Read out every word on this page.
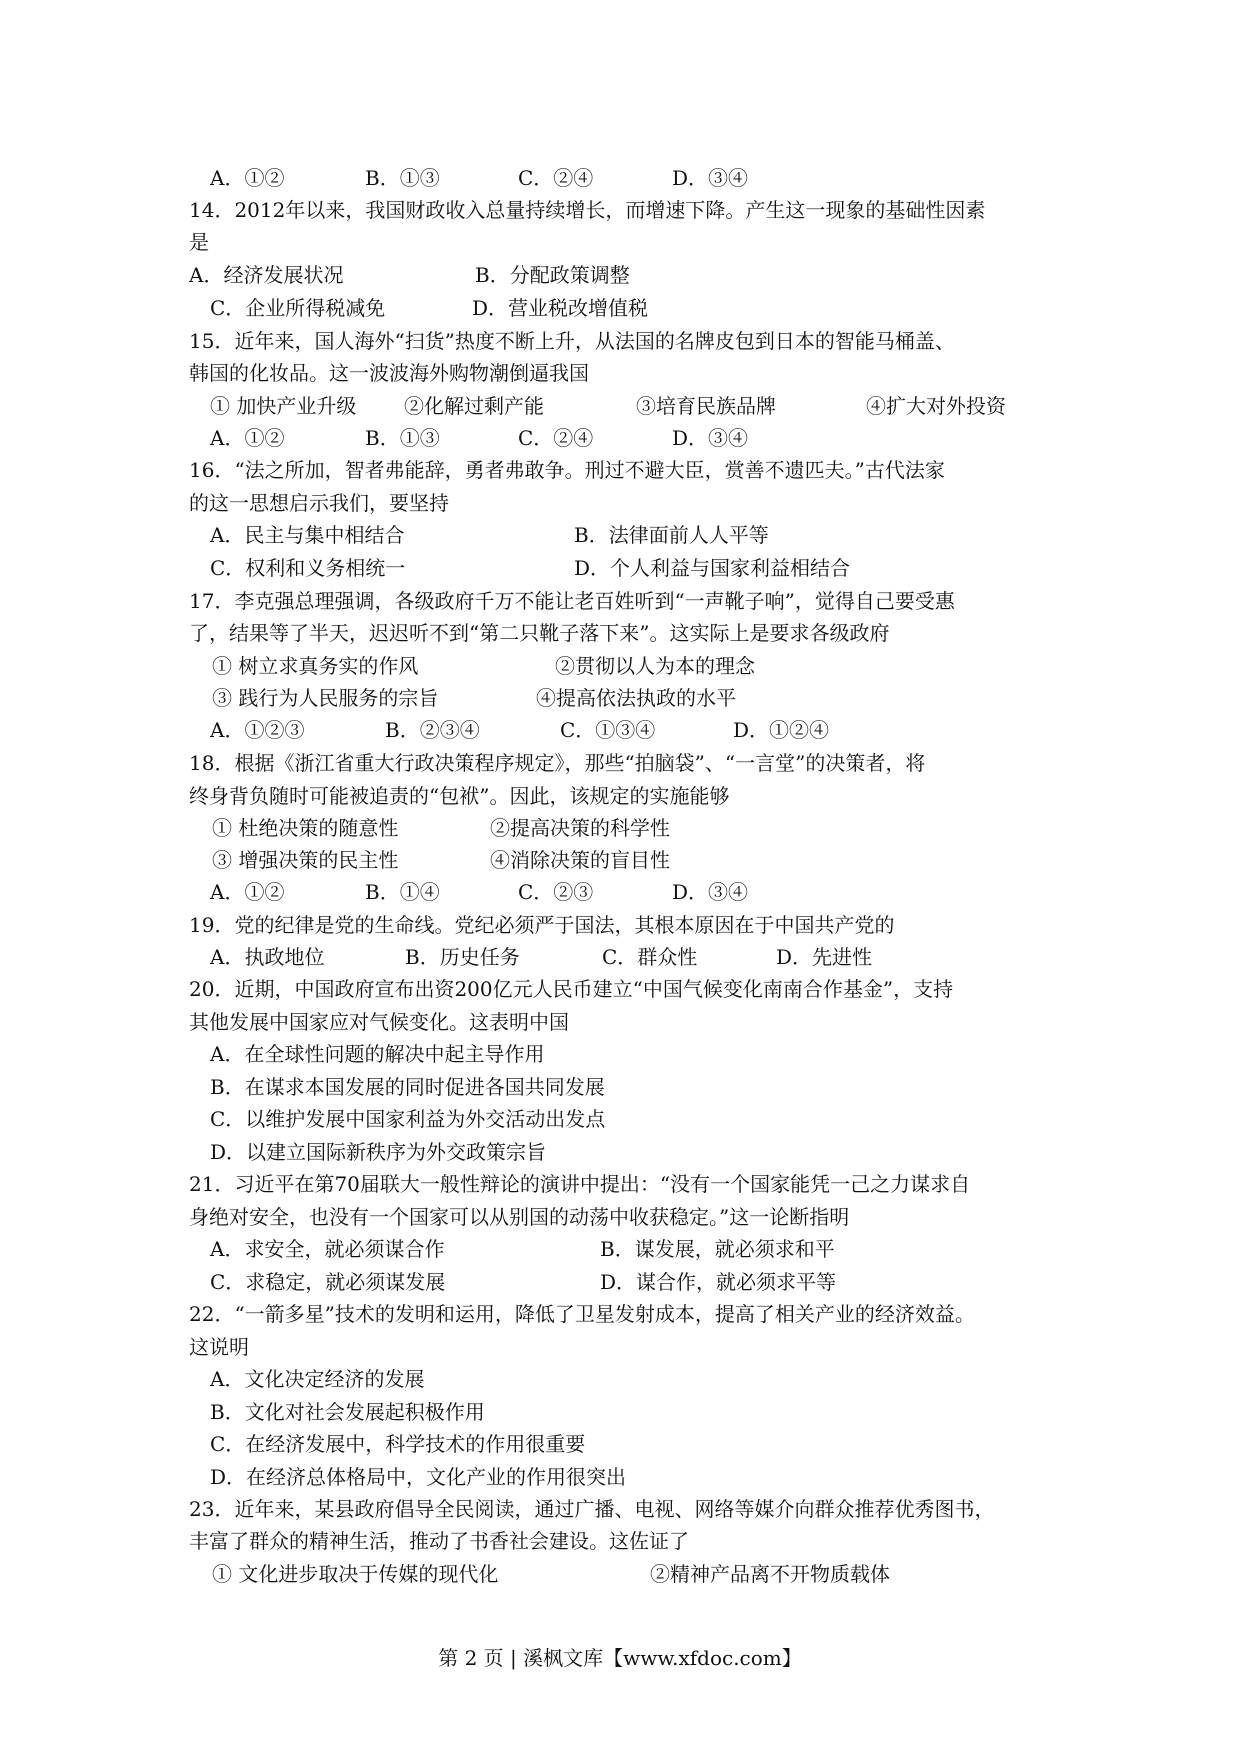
A．①②	B．①③	C．②④	D．③④
14．2012年以来，我国财政收入总量持续增长，而增速下降。产生这一现象的基础性因素
是
A．经济发展状况	B．分配政策调整
C．企业所得税减免	D．营业税改增值税
15．近年来，国人海外“扫货”热度不断上升，从法国的名牌皮包到日本的智能马桶盖、
韩国的化妆品。这一波波海外购物潮倒逼我国
① 加快产业升级 ②化解过剩产能	③培育民族品牌	④扩大对外投资
A．①②	B．①③	C．②④	D．③④
16．“法之所加，智者弗能辞，勇者弗敢争。刑过不避大臣，赏善不遗匹夫。”古代法家
的这一思想启示我们，要坚持
A．民主与集中相结合	B．法律面前人人平等
C．权利和义务相统一	D．个人利益与国家利益相结合
17．李克强总理强调，各级政府千万不能让老百姓听到“一声靴子响”，觉得自己要受惠
了，结果等了半天，迟迟听不到“第二只靴子落下来”。这实际上是要求各级政府
① 树立求真务实的作风	②贯彻以人为本的理念
③ 践行为人民服务的宗旨	④提高依法执政的水平
A．①②③	B．②③④	C．①③④	D．①②④
18．根据《浙江省重大行政决策程序规定》，那些“拍脑袋”、“一言堂”的决策者，将
终身背负随时可能被追责的“包袱”。因此，该规定的实施能够
① 杜绝决策的随意性	②提高决策的科学性
③ 增强决策的民主性	④消除决策的盲目性
A．①②	B．①④	C．②③	D．③④
19．党的纪律是党的生命线。党纪必须严于国法，其根本原因在于中国共产党的
A．执政地位	B．历史任务	C．群众性	D．先进性
20．近期，中国政府宣布出资200亿元人民币建立“中国气候变化南南合作基金”，支持
其他发展中国家应对气候变化。这表明中国
A．在全球性问题的解决中起主导作用
B．在谋求本国发展的同时促进各国共同发展
C．以维护发展中国家利益为外交活动出发点
D．以建立国际新秩序为外交政策宗旨
21．习近平在第70届联大一般性辩论的演讲中提出：“没有一个国家能凭一己之力谋求自
身绝对安全，也没有一个国家可以从别国的动荡中收获稳定。”这一论断指明
A．求安全，就必须谋合作	B．谋发展，就必须求和平
C．求稳定，就必须谋发展	D．谋合作，就必须求平等
22．“一箭多星”技术的发明和运用，降低了卫星发射成本，提高了相关产业的经济效益。
这说明
A．文化决定经济的发展
B．文化对社会发展起积极作用
C．在经济发展中，科学技术的作用很重要
D．在经济总体格局中，文化产业的作用很突出
23．近年来，某县政府倡导全民阅读，通过广播、电视、网络等媒介向群众推荐优秀图书，
丰富了群众的精神生活，推动了书香社会建设。这佐证了
① 文化进步取决于传媒的现代化	②精神产品离不开物质载体
第 2 页 | 溪枫文库【www.xfdoc.com】
